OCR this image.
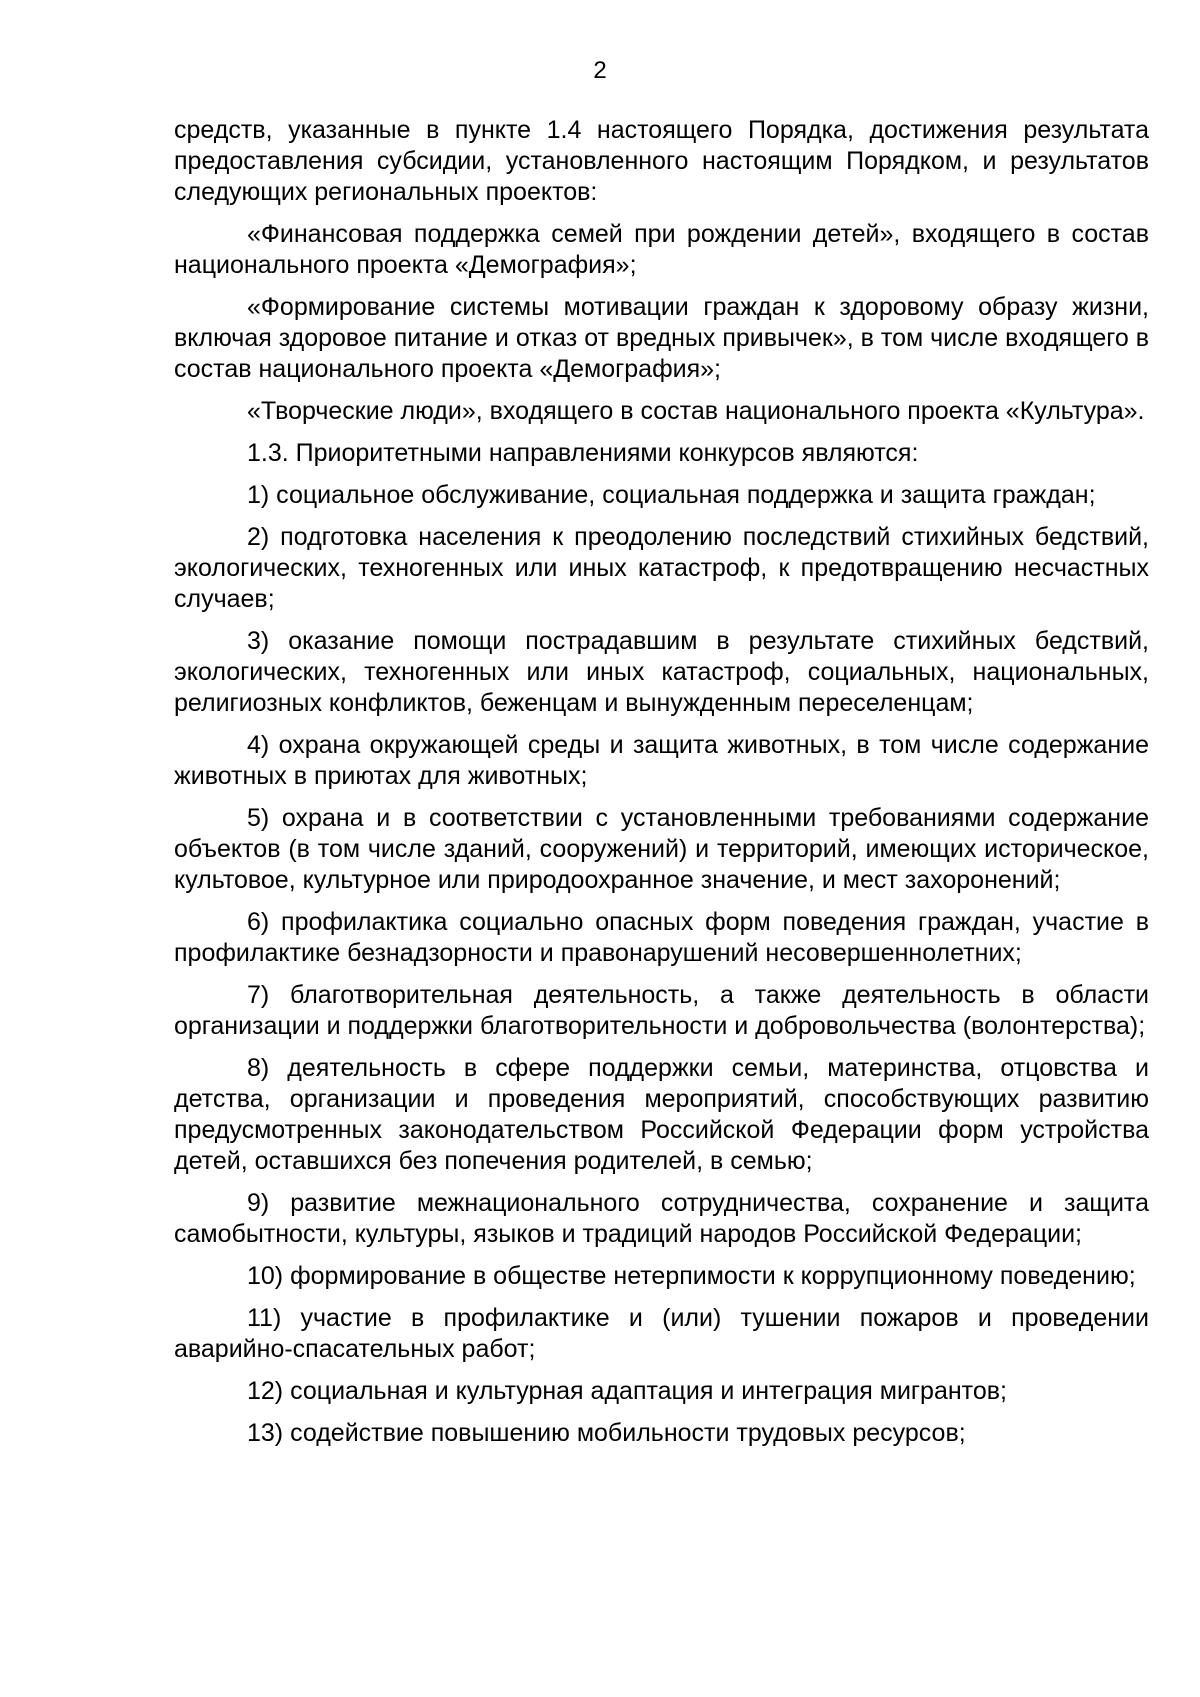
2

средств, указанные в пункте 1.4 настоящего Порядка, достижения результата предоставления субсидии, установленного настоящим Порядком, и результатов следующих региональных проектов:

«Финансовая поддержка семей при рождении детей», входящего в состав национального проекта «Демография»;

«Формирование системы мотивации граждан к здоровому образу жизни, включая здоровое питание и отказ от вредных привычек», в том числе входящего в состав национального проекта «Демография»;

«Творческие люди», входящего в состав национального проекта «Культура».

1.3. Приоритетными направлениями конкурсов являются:

1) социальное обслуживание, социальная поддержка и защита граждан;

2) подготовка населения к преодолению последствий стихийных бедствий, экологических, техногенных или иных катастроф, к предотвращению несчастных случаев;

3) оказание помощи пострадавшим в результате стихийных бедствий, экологических, техногенных или иных катастроф, социальных, национальных, религиозных конфликтов, беженцам и вынужденным переселенцам;

4) охрана окружающей среды и защита животных, в том числе содержание животных в приютах для животных;

5) охрана и в соответствии с установленными требованиями содержание объектов (в том числе зданий, сооружений) и территорий, имеющих историческое, культовое, культурное или природоохранное значение, и мест захоронений;

6) профилактика социально опасных форм поведения граждан, участие в профилактике безнадзорности и правонарушений несовершеннолетних;

7) благотворительная деятельность, а также деятельность в области организации и поддержки благотворительности и добровольчества (волонтерства);

8) деятельность в сфере поддержки семьи, материнства, отцовства и детства, организации и проведения мероприятий, способствующих развитию предусмотренных законодательством Российской Федерации форм устройства детей, оставшихся без попечения родителей, в семью;

9) развитие межнационального сотрудничества, сохранение и защита самобытности, культуры, языков и традиций народов Российской Федерации;

10) формирование в обществе нетерпимости к коррупционному поведению;

11) участие в профилактике и (или) тушении пожаров и проведении аварийно-спасательных работ;

12) социальная и культурная адаптация и интеграция мигрантов;

13) содействие повышению мобильности трудовых ресурсов;
